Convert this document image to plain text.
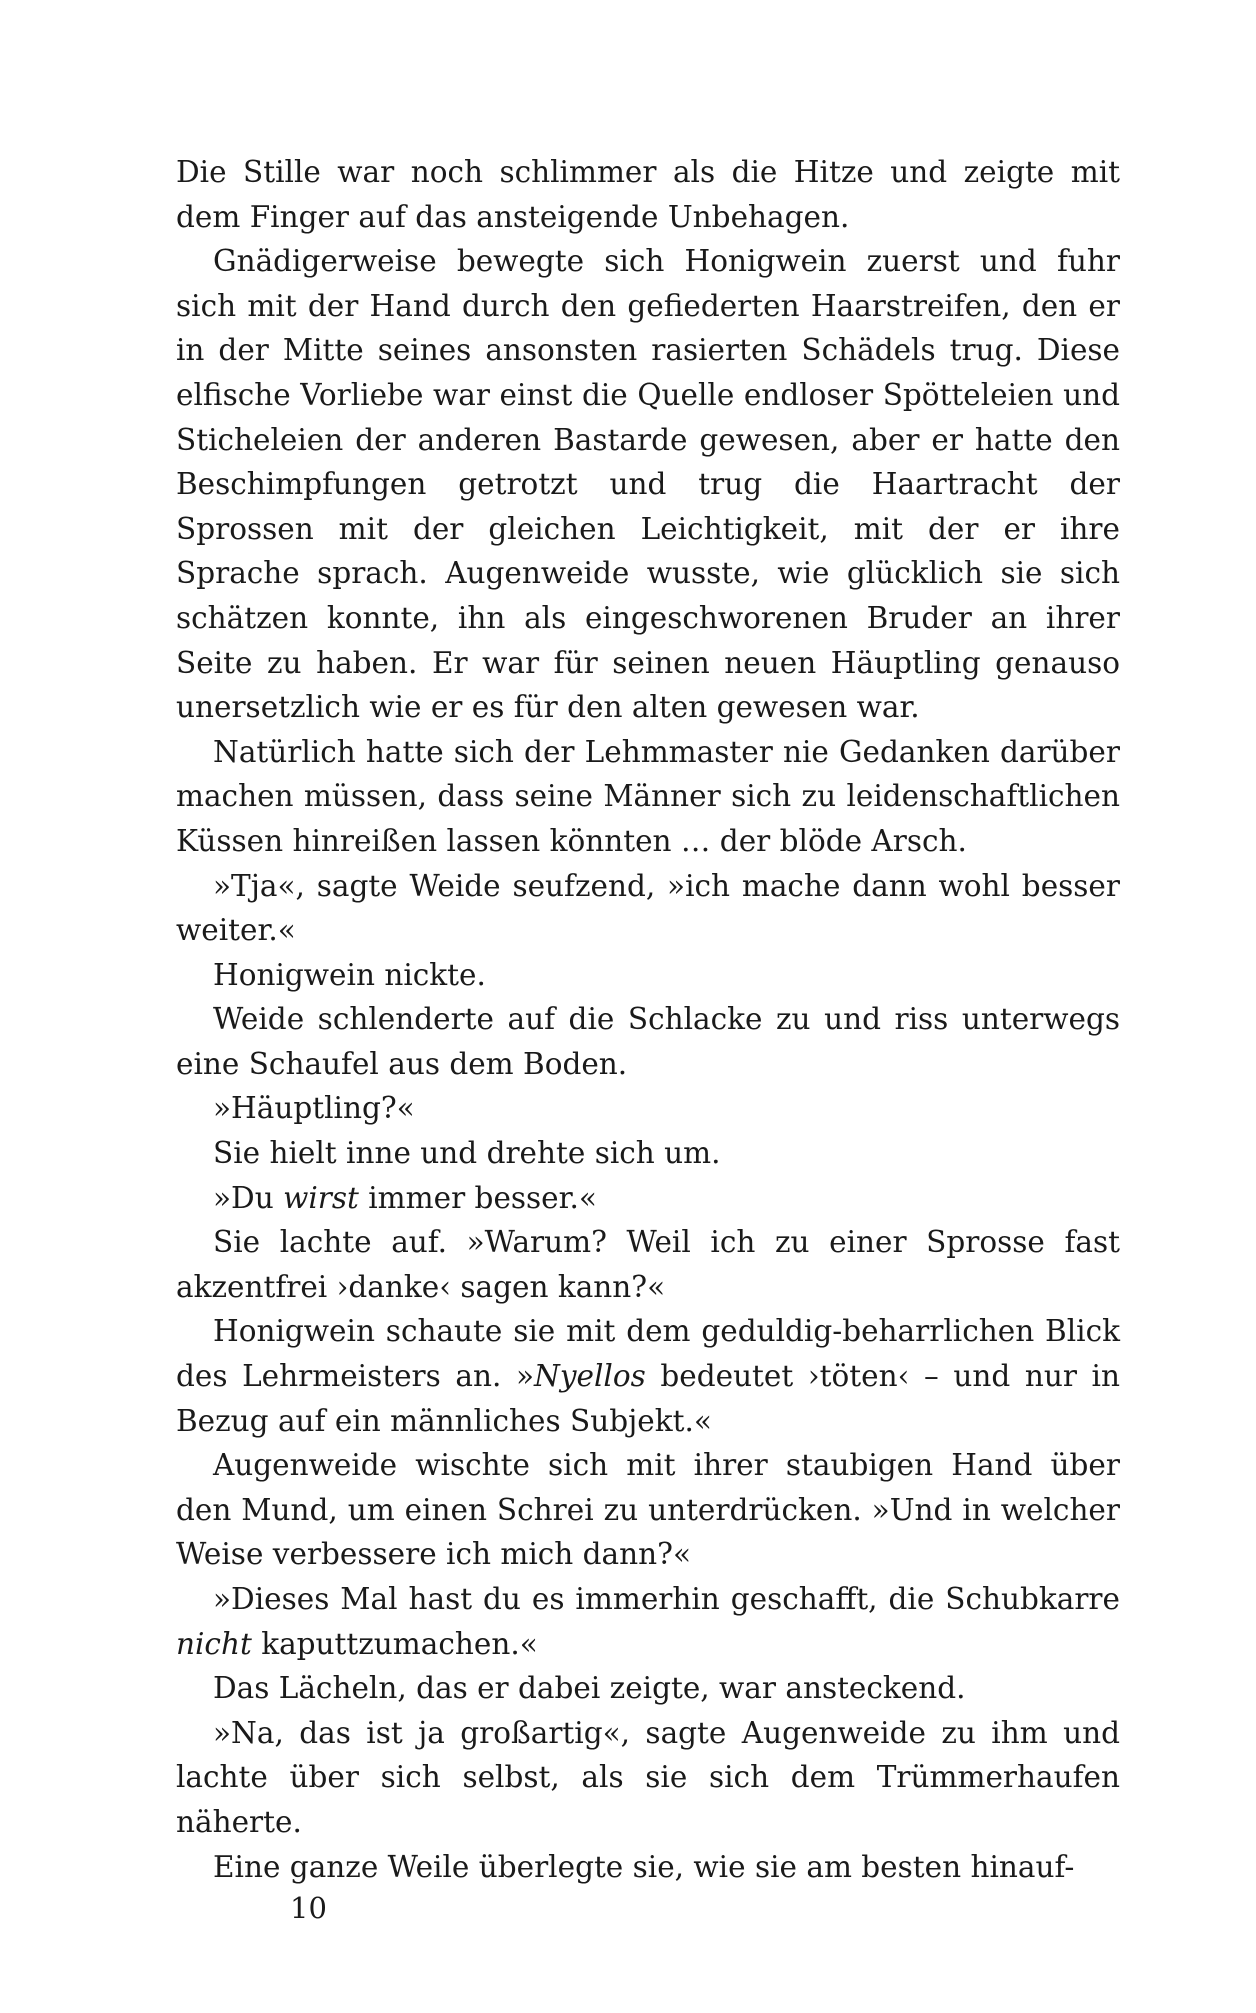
Die Stille war noch schlimmer als die Hitze und zeigte mit dem Finger auf das ansteigende Unbehagen.

Gnädigerweise bewegte sich Honigwein zuerst und fuhr sich mit der Hand durch den gefiederten Haarstreifen, den er in der Mitte seines ansonsten rasierten Schädels trug. Diese elfische Vorliebe war einst die Quelle endloser Spötteleien und Sticheleien der anderen Bastarde gewesen, aber er hatte den Beschimpfungen getrotzt und trug die Haartracht der Sprossen mit der gleichen Leichtigkeit, mit der er ihre Sprache sprach. Augenweide wusste, wie glücklich sie sich schätzen konnte, ihn als eingeschworenen Bruder an ihrer Seite zu haben. Er war für seinen neuen Häuptling genauso unersetzlich wie er es für den alten gewesen war.

Natürlich hatte sich der Lehmmaster nie Gedanken darüber machen müssen, dass seine Männer sich zu leidenschaftlichen Küssen hinreißen lassen könnten … der blöde Arsch.

»Tja«, sagte Weide seufzend, »ich mache dann wohl besser weiter.«

Honigwein nickte.

Weide schlenderte auf die Schlacke zu und riss unterwegs eine Schaufel aus dem Boden.

»Häuptling?«

Sie hielt inne und drehte sich um.

»Du wirst immer besser.«

Sie lachte auf. »Warum? Weil ich zu einer Sprosse fast akzentfrei ›danke‹ sagen kann?«

Honigwein schaute sie mit dem geduldig-beharrlichen Blick des Lehrmeisters an. »Nyellos bedeutet ›töten‹ – und nur in Bezug auf ein männliches Subjekt.«

Augenweide wischte sich mit ihrer staubigen Hand über den Mund, um einen Schrei zu unterdrücken. »Und in welcher Weise verbessere ich mich dann?«

»Dieses Mal hast du es immerhin geschafft, die Schubkarre nicht kaputtzumachen.«

Das Lächeln, das er dabei zeigte, war ansteckend.

»Na, das ist ja großartig«, sagte Augenweide zu ihm und lachte über sich selbst, als sie sich dem Trümmerhaufen näherte.

Eine ganze Weile überlegte sie, wie sie am besten hinauf-

10
